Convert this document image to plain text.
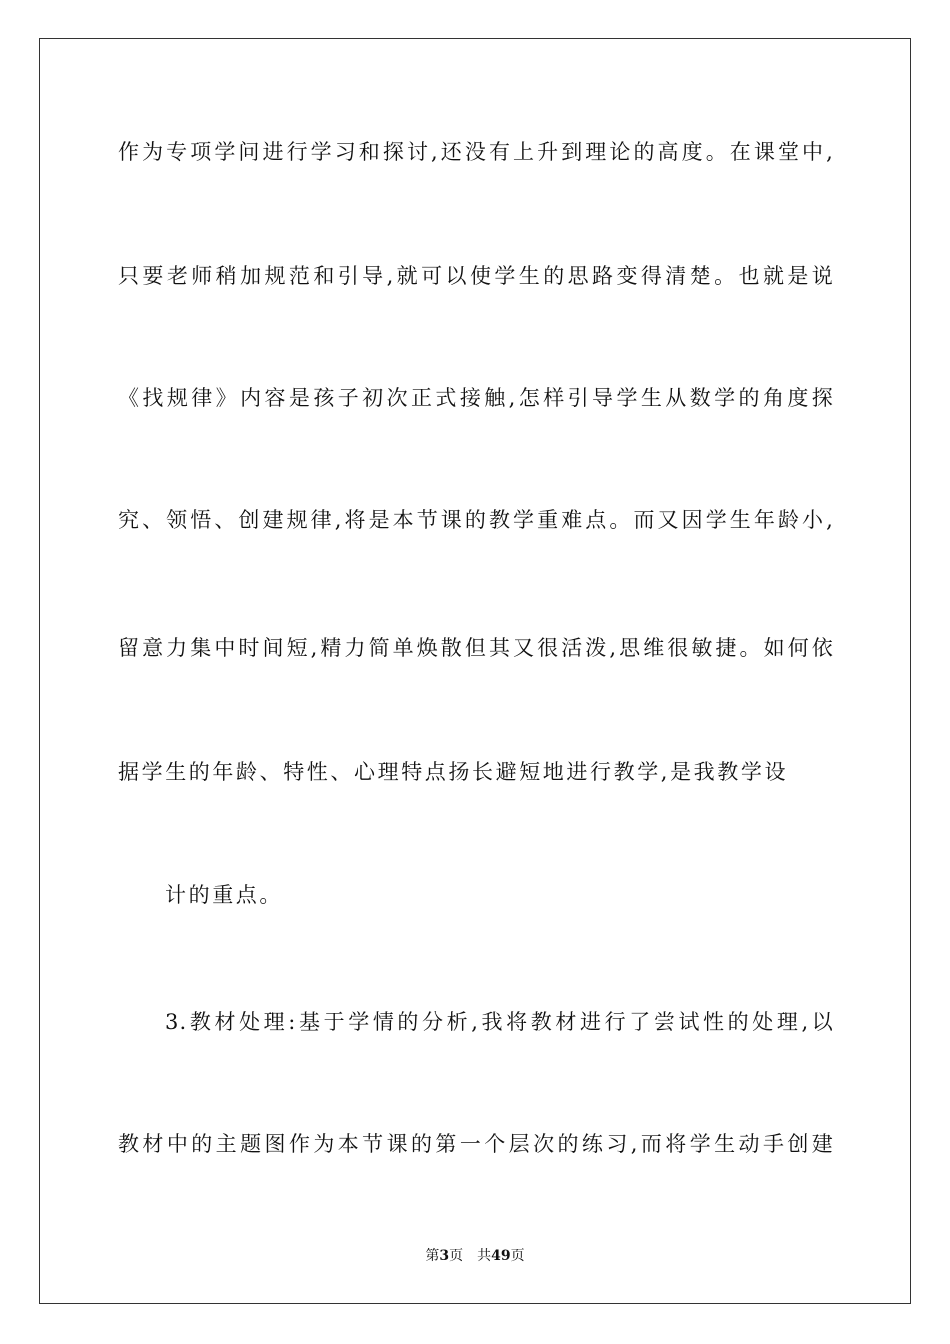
作为专项学问进行学习和探讨,还没有上升到理论的高度。在课堂中,
只要老师稍加规范和引导,就可以使学生的思路变得清楚。也就是说
《找规律》内容是孩子初次正式接触,怎样引导学生从数学的角度探
究、领悟、创建规律,将是本节课的教学重难点。而又因学生年龄小,
留意力集中时间短,精力简单焕散但其又很活泼,思维很敏捷。如何依
据学生的年龄、特性、心理特点扬长避短地进行教学,是我教学设
计的重点。
3.教材处理:基于学情的分析,我将教材进行了尝试性的处理,以
教材中的主题图作为本节课的第一个层次的练习,而将学生动手创建
第3页 共49页
